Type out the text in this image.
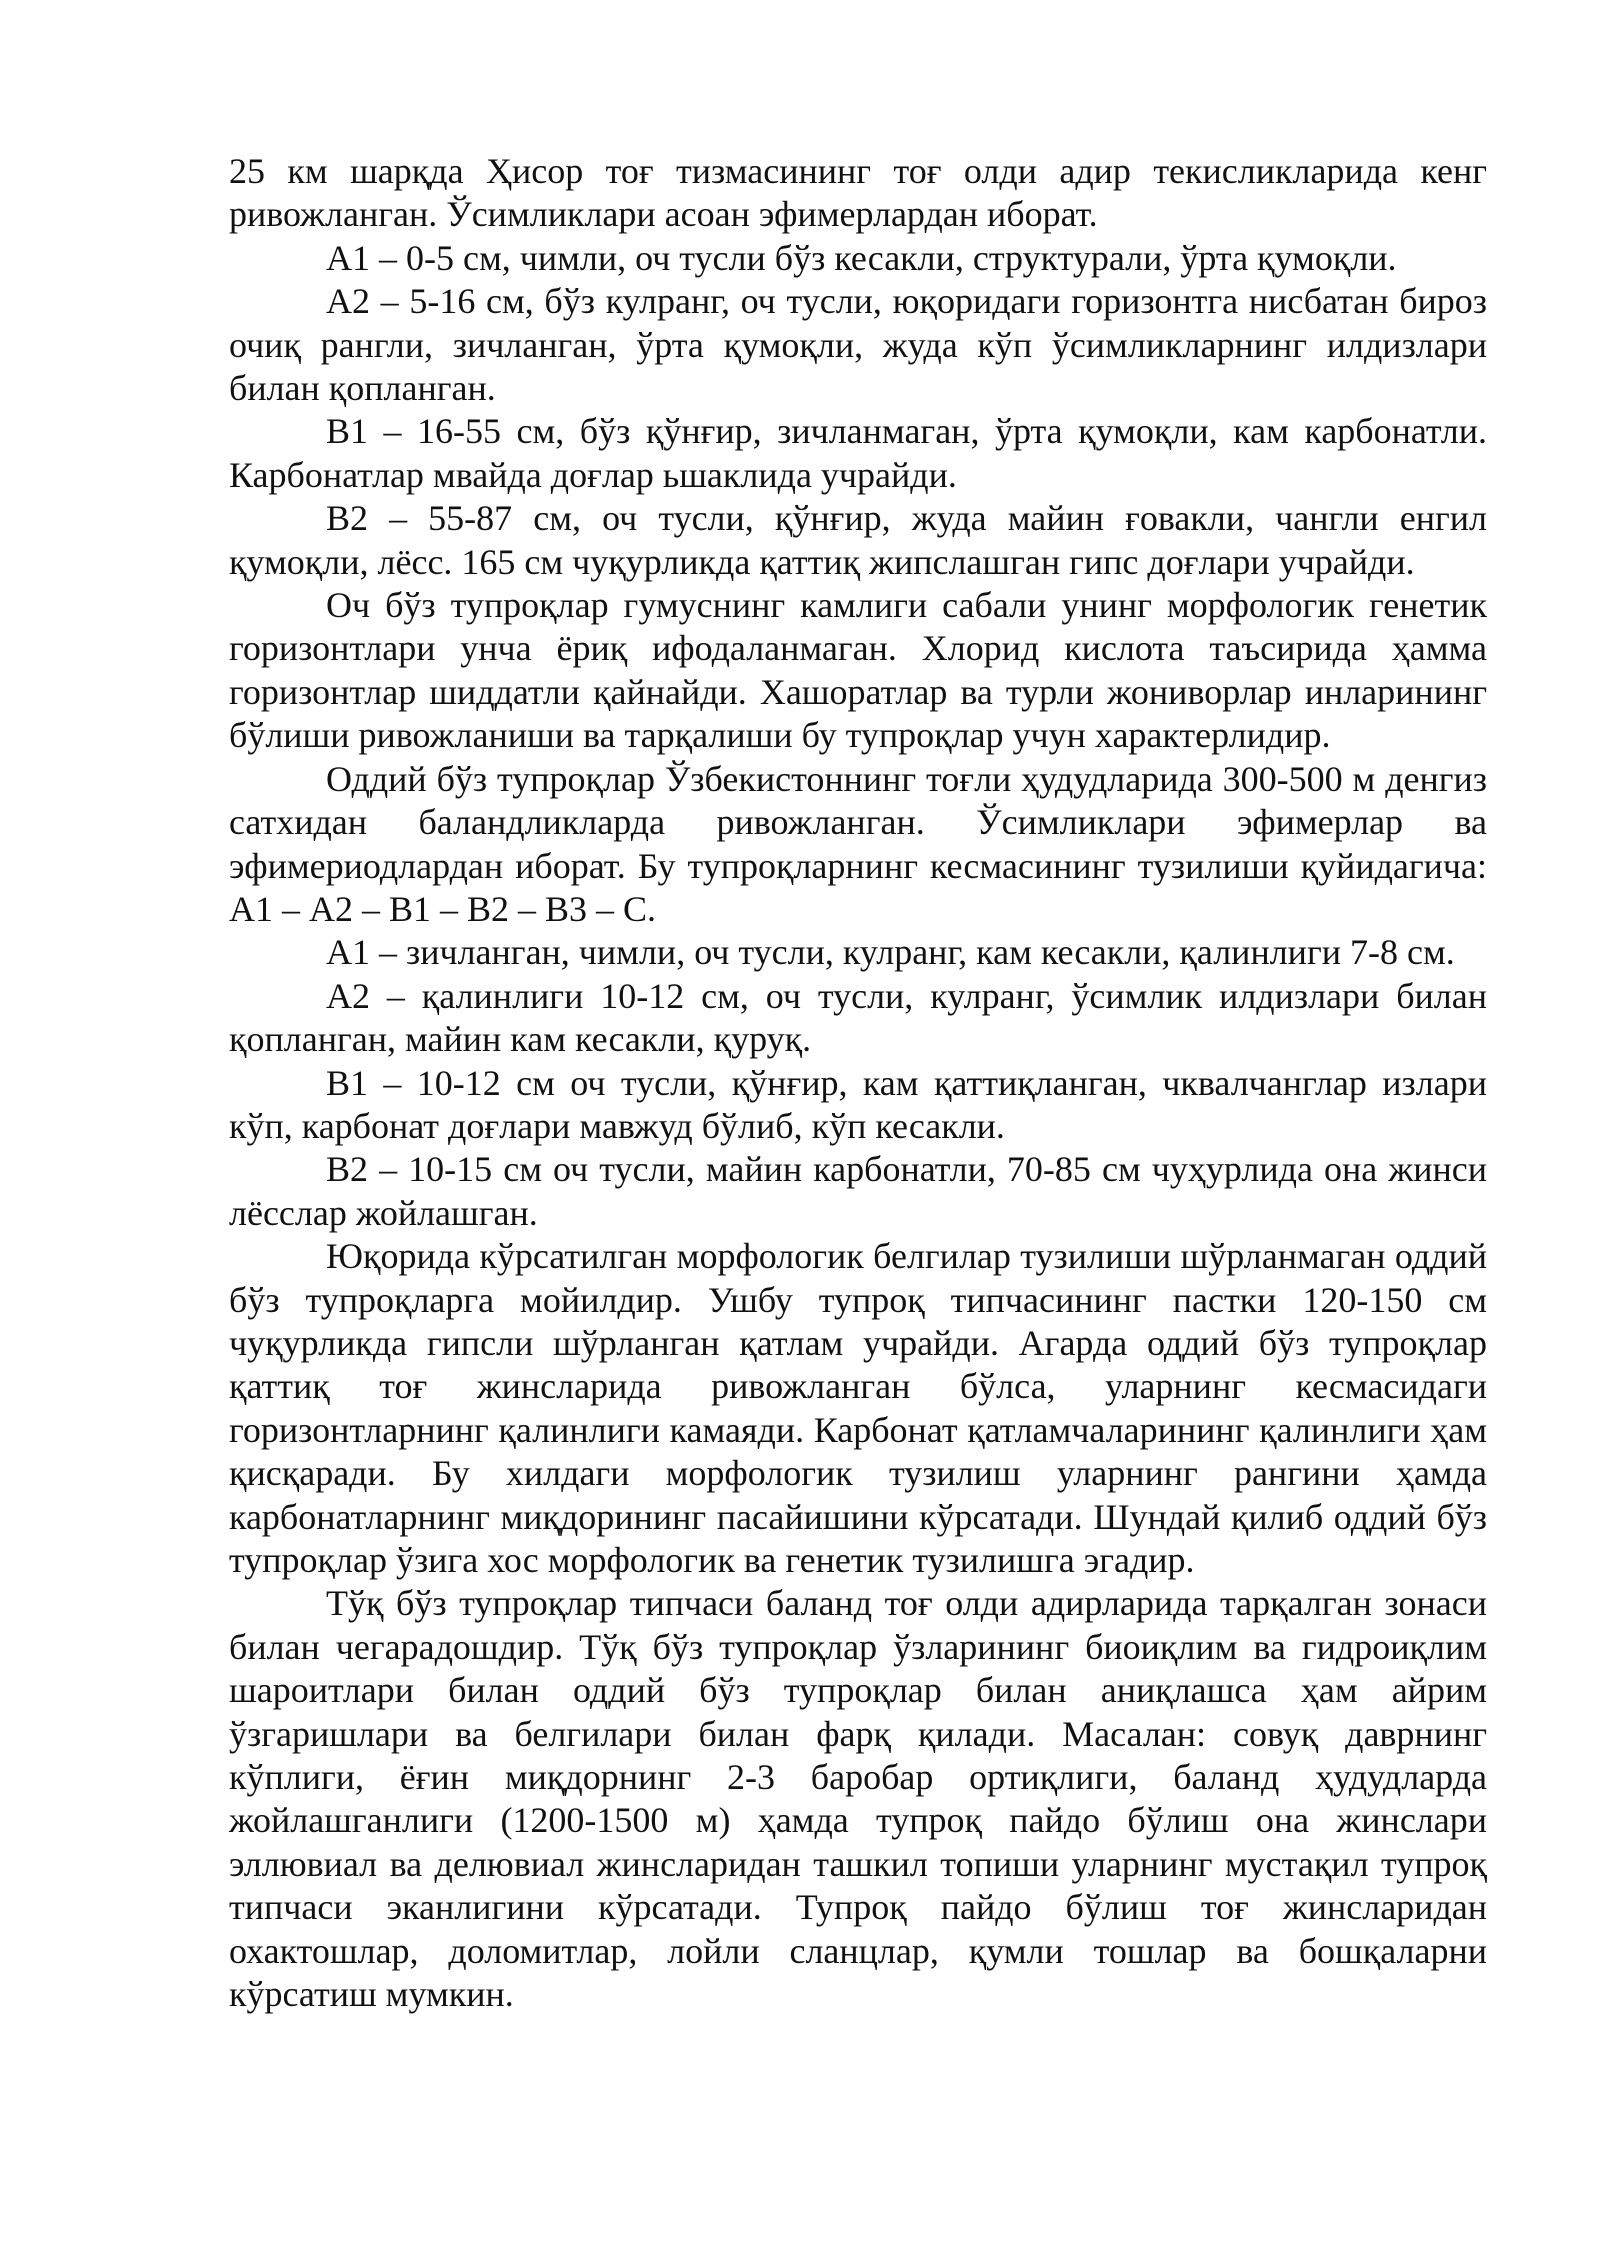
25 км шарқда Ҳисор тоғ тизмасининг тоғ олди адир текисликларида кенг ривожланган. Ўсимликлари асоан эфимерлардан иборат.

А1 – 0-5 см, чимли, оч тусли бўз кесакли, структурали, ўрта қумоқли.

А2 – 5-16 см, бўз кулранг, оч тусли, юқоридаги горизонтга нисбатан бироз очиқ рангли, зичланган, ўрта қумоқли, жуда кўп ўсимликларнинг илдизлари билан қопланган.

В1 – 16-55 см, бўз қўнғир, зичланмаган, ўрта қумоқли, кам карбонатли. Карбонатлар мвайда доғлар ьшаклида учрайди.

В2 – 55-87 см, оч тусли, қўнғир, жуда майин ғовакли, чангли енгил қумоқли, лёсс. 165 см чуқурликда қаттиқ жипслашган гипс доғлари учрайди.

Оч бўз тупроқлар гумуснинг камлиги сабали унинг морфологик генетик горизонтлари унча ёриқ ифодаланмаган. Хлорид кислота таъсирида ҳамма горизонтлар шиддатли қайнайди. Хашоратлар ва турли жониворлар инларининг бўлиши ривожланиши ва тарқалиши бу тупроқлар учун характерлидир.

Оддий бўз тупроқлар Ўзбекистоннинг тоғли ҳудудларида 300-500 м денгиз сатхидан баландликларда ривожланган. Ўсимликлари эфимерлар ва эфимериодлардан иборат. Бу тупроқларнинг кесмасининг тузилиши қуйидагича: А1 – А2 – В1 – В2 – В3 – С.

А1 – зичланган, чимли, оч тусли, кулранг, кам кесакли, қалинлиги 7-8 см.

А2 – қалинлиги 10-12 см, оч тусли, кулранг, ўсимлик илдизлари билан қопланган, майин кам кесакли, қуруқ.

В1 – 10-12 см оч тусли, қўнғир, кам қаттиқланган, чквалчанглар излари кўп, карбонат доғлари мавжуд бўлиб, кўп кесакли.

В2 – 10-15 см оч тусли, майин карбонатли, 70-85 см чуҳурлида она жинси лёсслар жойлашган.

Юқорида кўрсатилган морфологик белгилар тузилиши шўрланмаган оддий бўз тупроқларга мойилдир. Ушбу тупроқ типчасининг пастки 120-150 см чуқурликда гипсли шўрланган қатлам учрайди. Агарда оддий бўз тупроқлар қаттиқ тоғ жинсларида ривожланган бўлса, уларнинг кесмасидаги горизонтларнинг қалинлиги камаяди. Карбонат қатламчаларининг қалинлиги ҳам қисқаради. Бу хилдаги морфологик тузилиш уларнинг рангини ҳамда карбонатларнинг миқдорининг пасайишини кўрсатади. Шундай қилиб оддий бўз тупроқлар ўзига хос морфологик ва генетик тузилишга эгадир.

Тўқ бўз тупроқлар типчаси баланд тоғ олди адирларида тарқалган зонаси билан чегарадошдир. Тўқ бўз тупроқлар ўзларининг биоиқлим ва гидроиқлим шароитлари билан оддий бўз тупроқлар билан аниқлашса ҳам айрим ўзгаришлари ва белгилари билан фарқ қилади. Масалан: совуқ даврнинг кўплиги, ёғин миқдорнинг 2-3 баробар ортиқлиги, баланд ҳудудларда жойлашганлиги (1200-1500 м) ҳамда тупроқ пайдо бўлиш она жинслари эллювиал ва делювиал жинсларидан ташкил топиши уларнинг мустақил тупроқ типчаси эканлигини кўрсатади. Тупроқ пайдо бўлиш тоғ жинсларидан охактошлар, доломитлар, лойли сланцлар, қумли тошлар ва бошқаларни кўрсатиш мумкин.
